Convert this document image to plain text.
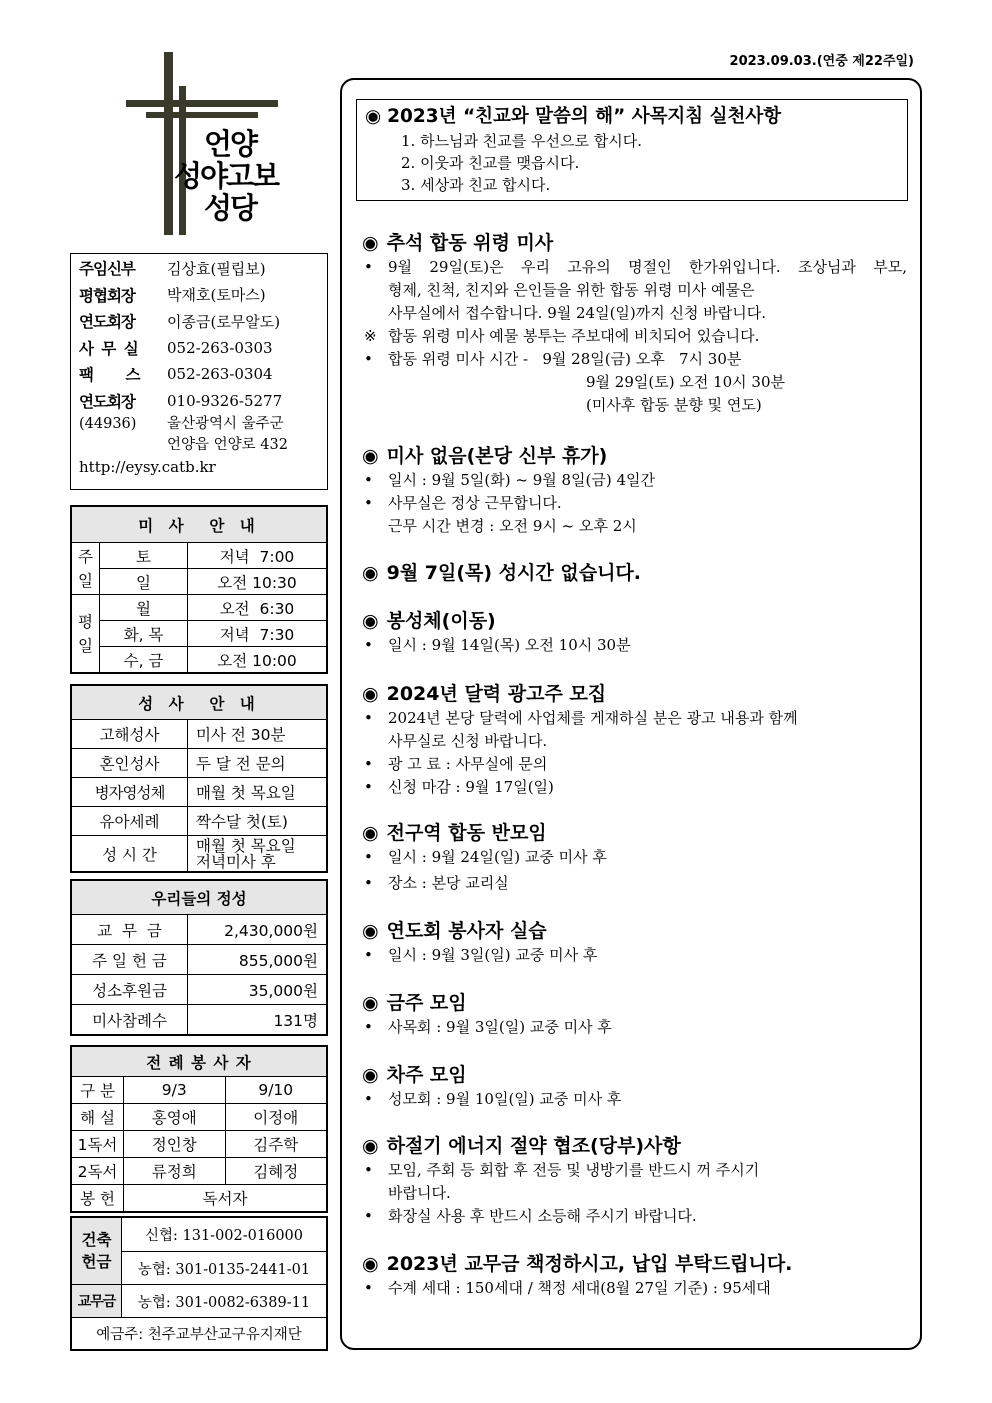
2023.09.03.(연중 제22주일)
언양
성야고보
성당
주임신부	김상효(필립보)
평협회장	박재호(토마스)
연도회장	이종금(로무알도)
사 무 실	052-263-0303
팩    스	052-263-0304
연도회장	010-9326-5277
(44936)	울산광역시 울주군
언양읍 언양로 432
http://eysy.catb.kr
미 사  안 내		
주일	토	저녁  7:00
	일	오전 10:30
평일	월	오전  6:30
	화, 목	저녁  7:30
	수, 금	오전 10:00
성 사  안 내	
고해성사	미사 전 30분
혼인성사	두 달 전 문의
병자영성체	매월 첫 목요일
유아세례	짝수달 첫(토)
성 시 간	매월 첫 목요일
저녁미사 후
우리들의 정성	
교  무  금	2,430,000원
주 일 헌 금	855,000원
성소후원금	35,000원
미사참례수	131명
전 례 봉 사 자		
구 분	9/3	9/10
해 설	홍영애	이정애
1독서	정인창	김주학
2독서	류정희	김혜정
봉 헌	독서자	
건축헌금	신협: 131-002-016000
	농협: 301-0135-2441-01
교무금	농협: 301-0082-6389-11
예금주: 천주교부산교구유지재단	
◉ 2023년 “친교와 말씀의 해” 사목지침 실천사항
1. 하느님과 친교를 우선으로 합시다.
2. 이웃과 친교를 맺읍시다.
3. 세상과 친교 합시다.
◉ 추석 합동 위령 미사
•	9월 29일(토)은 우리 고유의 명절인 한가위입니다. 조상님과 부모,
형제, 친척, 친지와 은인들을 위한 합동 위령 미사 예물은
사무실에서 접수합니다. 9월 24일(일)까지 신청 바랍니다.
※ 합동 위령 미사 예물 봉투는 주보대에 비치되어 있습니다.
•	합동 위령 미사 시간 -   9월 28일(금) 오후   7시 30분
9월 29일(토) 오전 10시 30분
(미사후 합동 분향 및 연도)
◉ 미사 없음(본당 신부 휴가)
•	일시 : 9월 5일(화) ~ 9월 8일(금) 4일간
•	사무실은 정상 근무합니다.
근무 시간 변경 : 오전 9시 ~ 오후 2시
◉ 9월 7일(목) 성시간 없습니다.
◉ 봉성체(이동)
•	일시 : 9월 14일(목) 오전 10시 30분
◉ 2024년 달력 광고주 모집
•	2024년 본당 달력에 사업체를 게재하실 분은 광고 내용과 함께
사무실로 신청 바랍니다.
•	광 고 료 : 사무실에 문의
•	신청 마감 : 9월 17일(일)
◉ 전구역 합동 반모임
•	일시 : 9월 24일(일) 교중 미사 후
•	장소 : 본당 교리실
◉ 연도회 봉사자 실습
•	일시 : 9월 3일(일) 교중 미사 후
◉ 금주 모임
•	사목회 : 9월 3일(일) 교중 미사 후
◉ 차주 모임
•	성모회 : 9월 10일(일) 교중 미사 후
◉ 하절기 에너지 절약 협조(당부)사항
•	모임, 주회 등 회합 후 전등 및 냉방기를 반드시 꺼 주시기
바랍니다.
•	화장실 사용 후 반드시 소등해 주시기 바랍니다.
◉ 2023년 교무금 책정하시고, 납입 부탁드립니다.
•	수계 세대 : 150세대 / 책정 세대(8월 27일 기준) : 95세대
